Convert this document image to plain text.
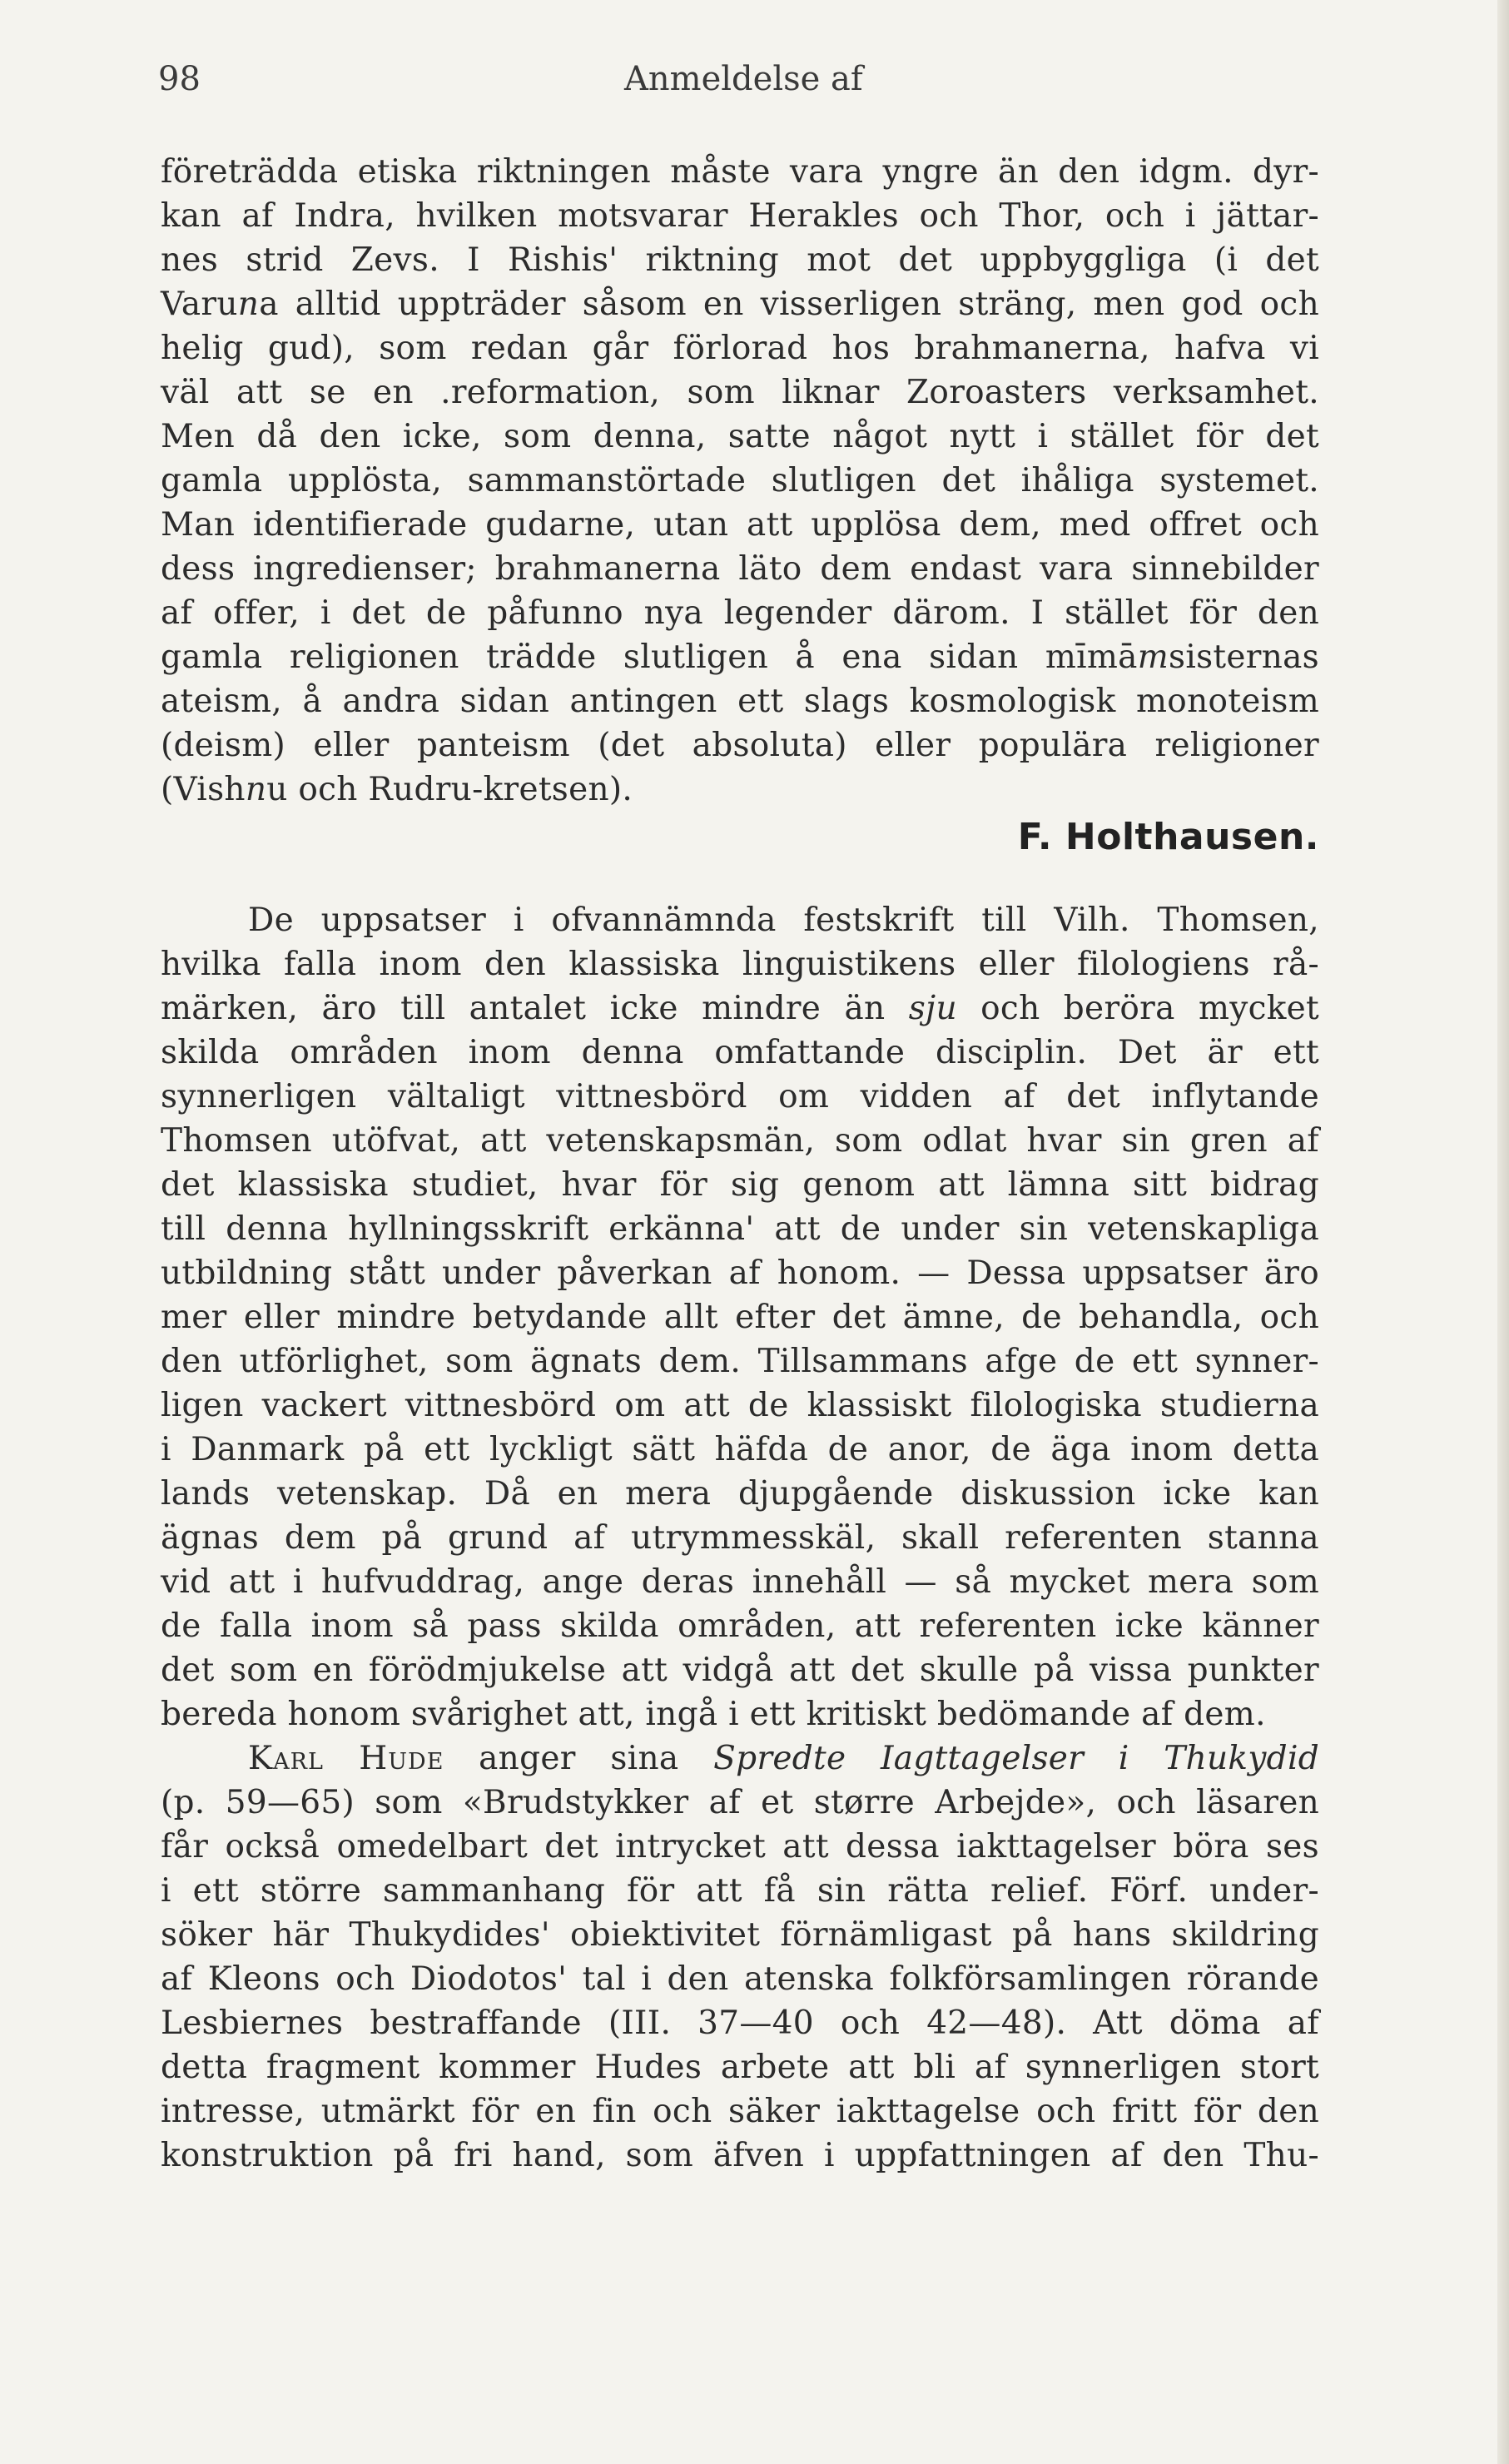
98	Anmeldelse af
företrädda etiska riktningen måste vara yngre än den idgm. dyr-
kan af Indra, hvilken motsvarar Herakles och Thor, och i jättar-
nes strid Zevs. I Rishis' riktning mot det uppbyggliga (i det
Varuna alltid uppträder såsom en visserligen sträng, men god och
helig gud), som redan går förlorad hos brahmanerna, hafva vi
väl att se en .reformation, som liknar Zoroasters verksamhet.
Men då den icke, som denna, satte något nytt i stället för det
gamla upplösta, sammanstörtade slutligen det ihåliga systemet.
Man identifierade gudarne, utan att upplösa dem, med offret och
dess ingredienser; brahmanerna läto dem endast vara sinnebilder
af offer, i det de påfunno nya legender därom. I stället för den
gamla religionen trädde slutligen å ena sidan mīmāmsisternas
ateism, å andra sidan antingen ett slags kosmologisk monoteism
(deism) eller panteism (det absoluta) eller populära religioner
(Vishnu och Rudru-kretsen).
F. Holthausen.
De uppsatser i ofvannämnda festskrift till Vilh. Thomsen,
hvilka falla inom den klassiska linguistikens eller filologiens rå-
märken, äro till antalet icke mindre än sju och beröra mycket
skilda områden inom denna omfattande disciplin. Det är ett
synnerligen vältaligt vittnesbörd om vidden af det inflytande
Thomsen utöfvat, att vetenskapsmän, som odlat hvar sin gren af
det klassiska studiet, hvar för sig genom att lämna sitt bidrag
till denna hyllningsskrift erkänna' att de under sin vetenskapliga
utbildning stått under påverkan af honom. — Dessa uppsatser äro
mer eller mindre betydande allt efter det ämne, de behandla, och
den utförlighet, som ägnats dem. Tillsammans afge de ett synner-
ligen vackert vittnesbörd om att de klassiskt filologiska studierna
i Danmark på ett lyckligt sätt häfda de anor, de äga inom detta
lands vetenskap. Då en mera djupgående diskussion icke kan
ägnas dem på grund af utrymmesskäl, skall referenten stanna
vid att i hufvuddrag, ange deras innehåll — så mycket mera som
de falla inom så pass skilda områden, att referenten icke känner
det som en förödmjukelse att vidgå att det skulle på vissa punkter
bereda honom svårighet att, ingå i ett kritiskt bedömande af dem.
Karl Hude anger sina Spredte Iagttagelser i Thukydid
(p. 59—65) som «Brudstykker af et større Arbejde», och läsaren
får också omedelbart det intrycket att dessa iakttagelser böra ses
i ett större sammanhang för att få sin rätta relief. Förf. under-
söker här Thukydides' obiektivitet förnämligast på hans skildring
af Kleons och Diodotos' tal i den atenska folkförsamlingen rörande
Lesbiernes bestraffande (III. 37—40 och 42—48). Att döma af
detta fragment kommer Hudes arbete att bli af synnerligen stort
intresse, utmärkt för en fin och säker iakttagelse och fritt för den
konstruktion på fri hand, som äfven i uppfattningen af den Thu-
